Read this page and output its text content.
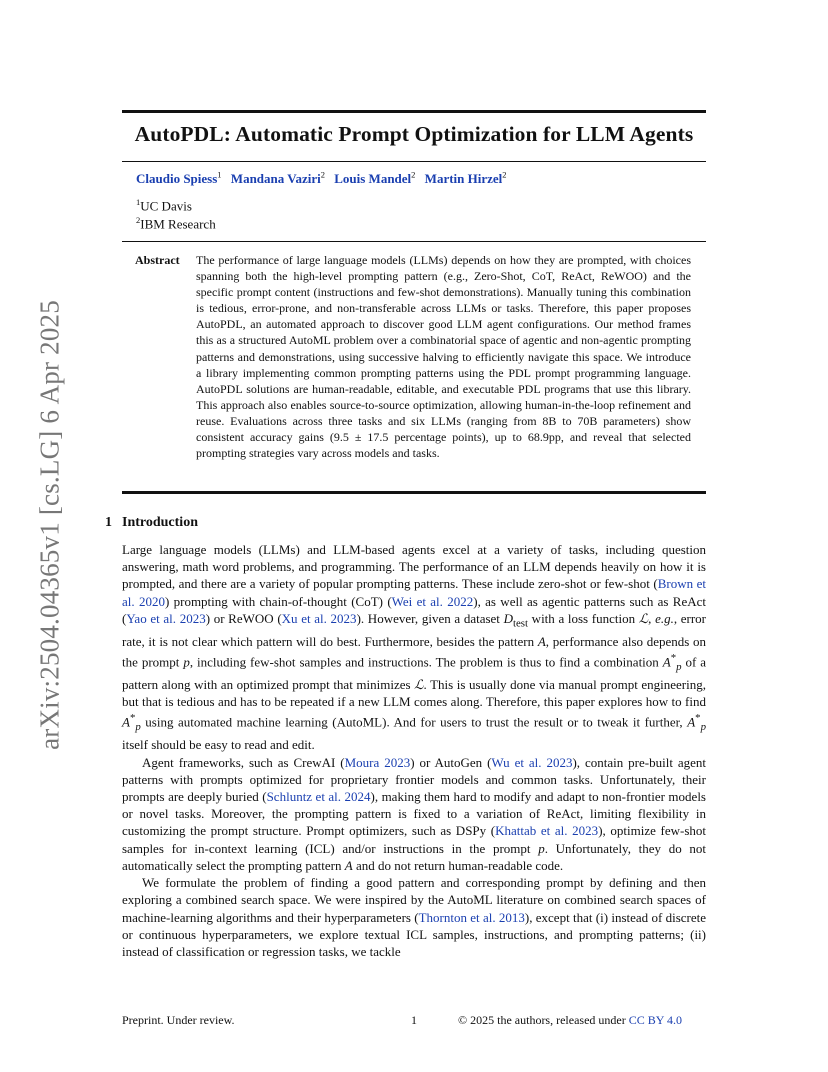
arXiv:2504.04365v1 [cs.LG] 6 Apr 2025
AutoPDL: Automatic Prompt Optimization for LLM Agents
Claudio Spiess$^1$ Mandana Vaziri$^2$ Louis Mandel$^2$ Martin Hirzel$^2$
$^1$UC Davis
$^2$IBM Research
Abstract	The performance of large language models (LLMs) depends on how they are prompted, with choices spanning both the high-level prompting pattern (e.g., Zero-Shot, CoT, ReAct, ReWOO) and the specific prompt content (instructions and few-shot demonstrations). Manually tuning this combination is tedious, error-prone, and non-transferable across LLMs or tasks. Therefore, this paper proposes AutoPDL, an automated approach to discover good LLM agent configurations. Our method frames this as a structured AutoML problem over a combinatorial space of agentic and non-agentic prompting patterns and demonstrations, using successive halving to efficiently navigate this space. We introduce a library implementing common prompting patterns using the PDL prompt programming language. AutoPDL solutions are human-readable, editable, and executable PDL programs that use this library. This approach also enables source-to-source optimization, allowing human-in-the-loop refinement and reuse. Evaluations across three tasks and six LLMs (ranging from 8B to 70B parameters) show consistent accuracy gains (9.5 ± 17.5 percentage points), up to 68.9pp, and reveal that selected prompting strategies vary across models and tasks.
1 Introduction

Large language models (LLMs) and LLM-based agents excel at a variety of tasks, including question answering, math word problems, and programming. The performance of an LLM depends heavily on how it is prompted, and there are a variety of popular prompting patterns. These include zero-shot or few-shot (Brown et al. 2020) prompting with chain-of-thought (CoT) (Wei et al. 2022), as well as agentic patterns such as ReAct (Yao et al. 2023) or ReWOO (Xu et al. 2023). However, given a dataset $D_{test}$ with a loss function ℒ, e.g., error rate, it is not clear which pattern will do best. Furthermore, besides the pattern A, performance also depends on the prompt p, including few-shot samples and instructions. The problem is thus to find a combination $A^*_p$ of a pattern along with an optimized prompt that minimizes ℒ. This is usually done via manual prompt engineering, but that is tedious and has to be repeated if a new LLM comes along. Therefore, this paper explores how to find $A^*_p$ using automated machine learning (AutoML). And for users to trust the result or to tweak it further, $A^*_p$ itself should be easy to read and edit.

Agent frameworks, such as CrewAI (Moura 2023) or AutoGen (Wu et al. 2023), contain pre-built agent patterns with prompts optimized for proprietary frontier models and common tasks. Unfortunately, their prompts are deeply buried (Schluntz et al. 2024), making them hard to modify and adapt to non-frontier models or novel tasks. Moreover, the prompting pattern is fixed to a variation of ReAct, limiting flexibility in customizing the prompt structure. Prompt optimizers, such as DSPy (Khattab et al. 2023), optimize few-shot samples for in-context learning (ICL) and/or instructions in the prompt p. Unfortunately, they do not automatically select the prompting pattern A and do not return human-readable code.

We formulate the problem of finding a good pattern and corresponding prompt by defining and then exploring a combined search space. We were inspired by the AutoML literature on combined search spaces of machine-learning algorithms and their hyperparameters (Thornton et al. 2013), except that (i) instead of discrete or continuous hyperparameters, we explore textual ICL samples, instructions, and prompting patterns; (ii) instead of classification or regression tasks, we tackle

Preprint. Under review.	1	© 2025 the authors, released under CC BY 4.0
